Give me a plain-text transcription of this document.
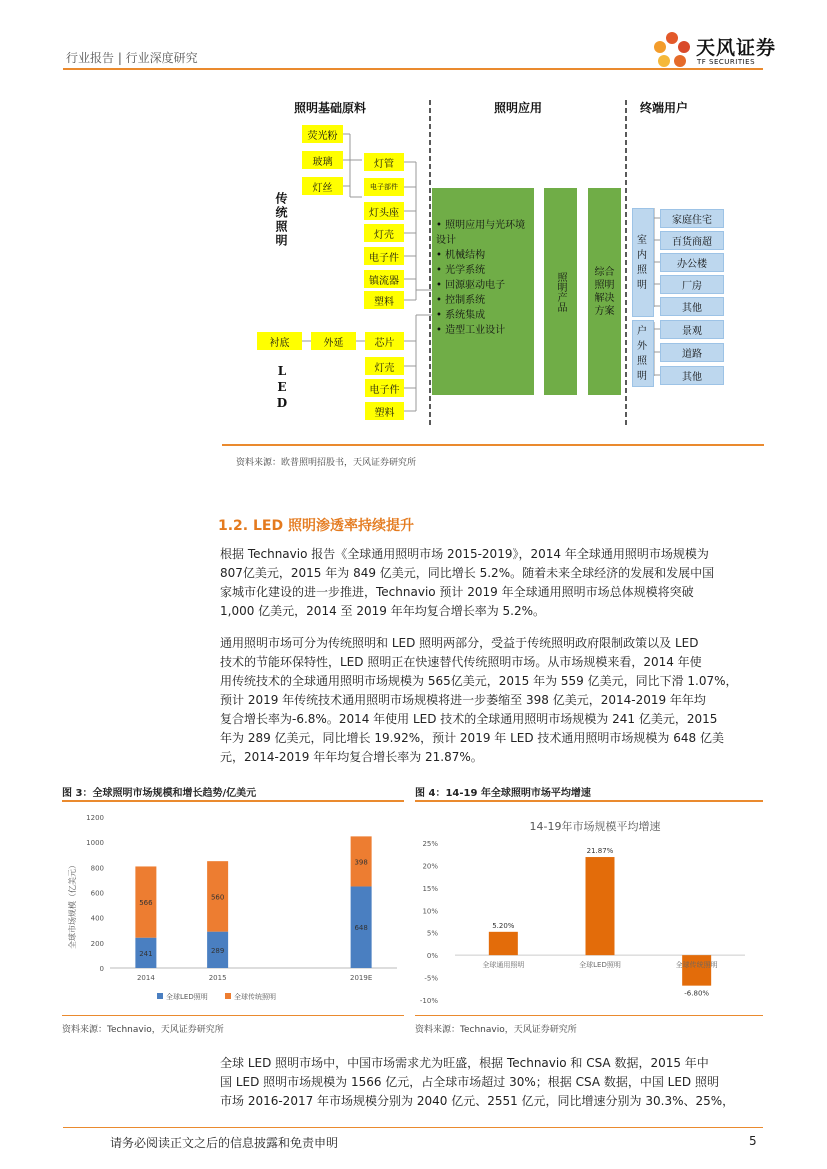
行业报告 | 行业深度研究	天风证券
TF SECURITIES
照明基础原料	照明应用	终端用户
传统照明
LED
荧光粉
玻璃
灯丝
灯管
电子部件
灯头座
灯壳
电子件
镇流器
塑料
衬底	外延	芯片
灯壳
电子件
塑料
• 照明应用与光环境设计
• 机械结构
• 光学系统
• 回源驱动电子
• 控制系统
• 系统集成
• 造型工业设计
照明产品	综合照明解决方案
室内照明
户外照明
家庭住宅
百货商超
办公楼
厂房
其他
景观
道路
其他
资料来源：欧普照明招股书，天风证券研究所
1.2. LED 照明渗透率持续提升
根据 Technavio 报告《全球通用照明市场 2015-2019》，2014 年全球通用照明市场规模为
807亿美元，2015 年为 849 亿美元，同比增长 5.2%。随着未来全球经济的发展和发展中国
家城市化建设的进一步推进，Technavio 预计 2019 年全球通用照明市场总体规模将突破
1,000 亿美元，2014 至 2019 年年均复合增长率为 5.2%。
通用照明市场可分为传统照明和 LED 照明两部分，受益于传统照明政府限制政策以及 LED
技术的节能环保特性，LED 照明正在快速替代传统照明市场。从市场规模来看，2014 年使
用传统技术的全球通用照明市场规模为 565亿美元，2015 年为 559 亿美元，同比下滑 1.07%，
预计 2019 年传统技术通用照明市场规模将进一步萎缩至 398 亿美元，2014-2019 年年均
复合增长率为-6.8%。2014 年使用 LED 技术的全球通用照明市场规模为 241 亿美元，2015
年为 289 亿美元，同比增长 19.92%，预计 2019 年 LED 技术通用照明市场规模为 648 亿美
元，2014-2019 年年均复合增长率为 21.87%。
图 3：全球照明市场规模和增长趋势/亿美元	图 4：14-19 年全球照明市场平均增速
全球市场规模（亿美元）
0
200
400
600
800
1000
1200
241
566
289
560
648
398
2014	2015	2019E
全球LED照明	全球传统照明
14-19年市场规模平均增速
25%
20%
15%
10%
5%
0%
-5%
-10%
全球通用照明
5.20%
全球LED照明
21.87%
全球传统照明
-6.80%
资料来源：Technavio，天风证券研究所	资料来源：Technavio，天风证券研究所
全球 LED 照明市场中，中国市场需求尤为旺盛，根据 Technavio 和 CSA 数据，2015 年中
国 LED 照明市场规模为 1566 亿元，占全球市场超过 30%；根据 CSA 数据，中国 LED 照明
市场 2016-2017 年市场规模分别为 2040 亿元、2551 亿元，同比增速分别为 30.3%、25%，
请务必阅读正文之后的信息披露和免责申明	5
